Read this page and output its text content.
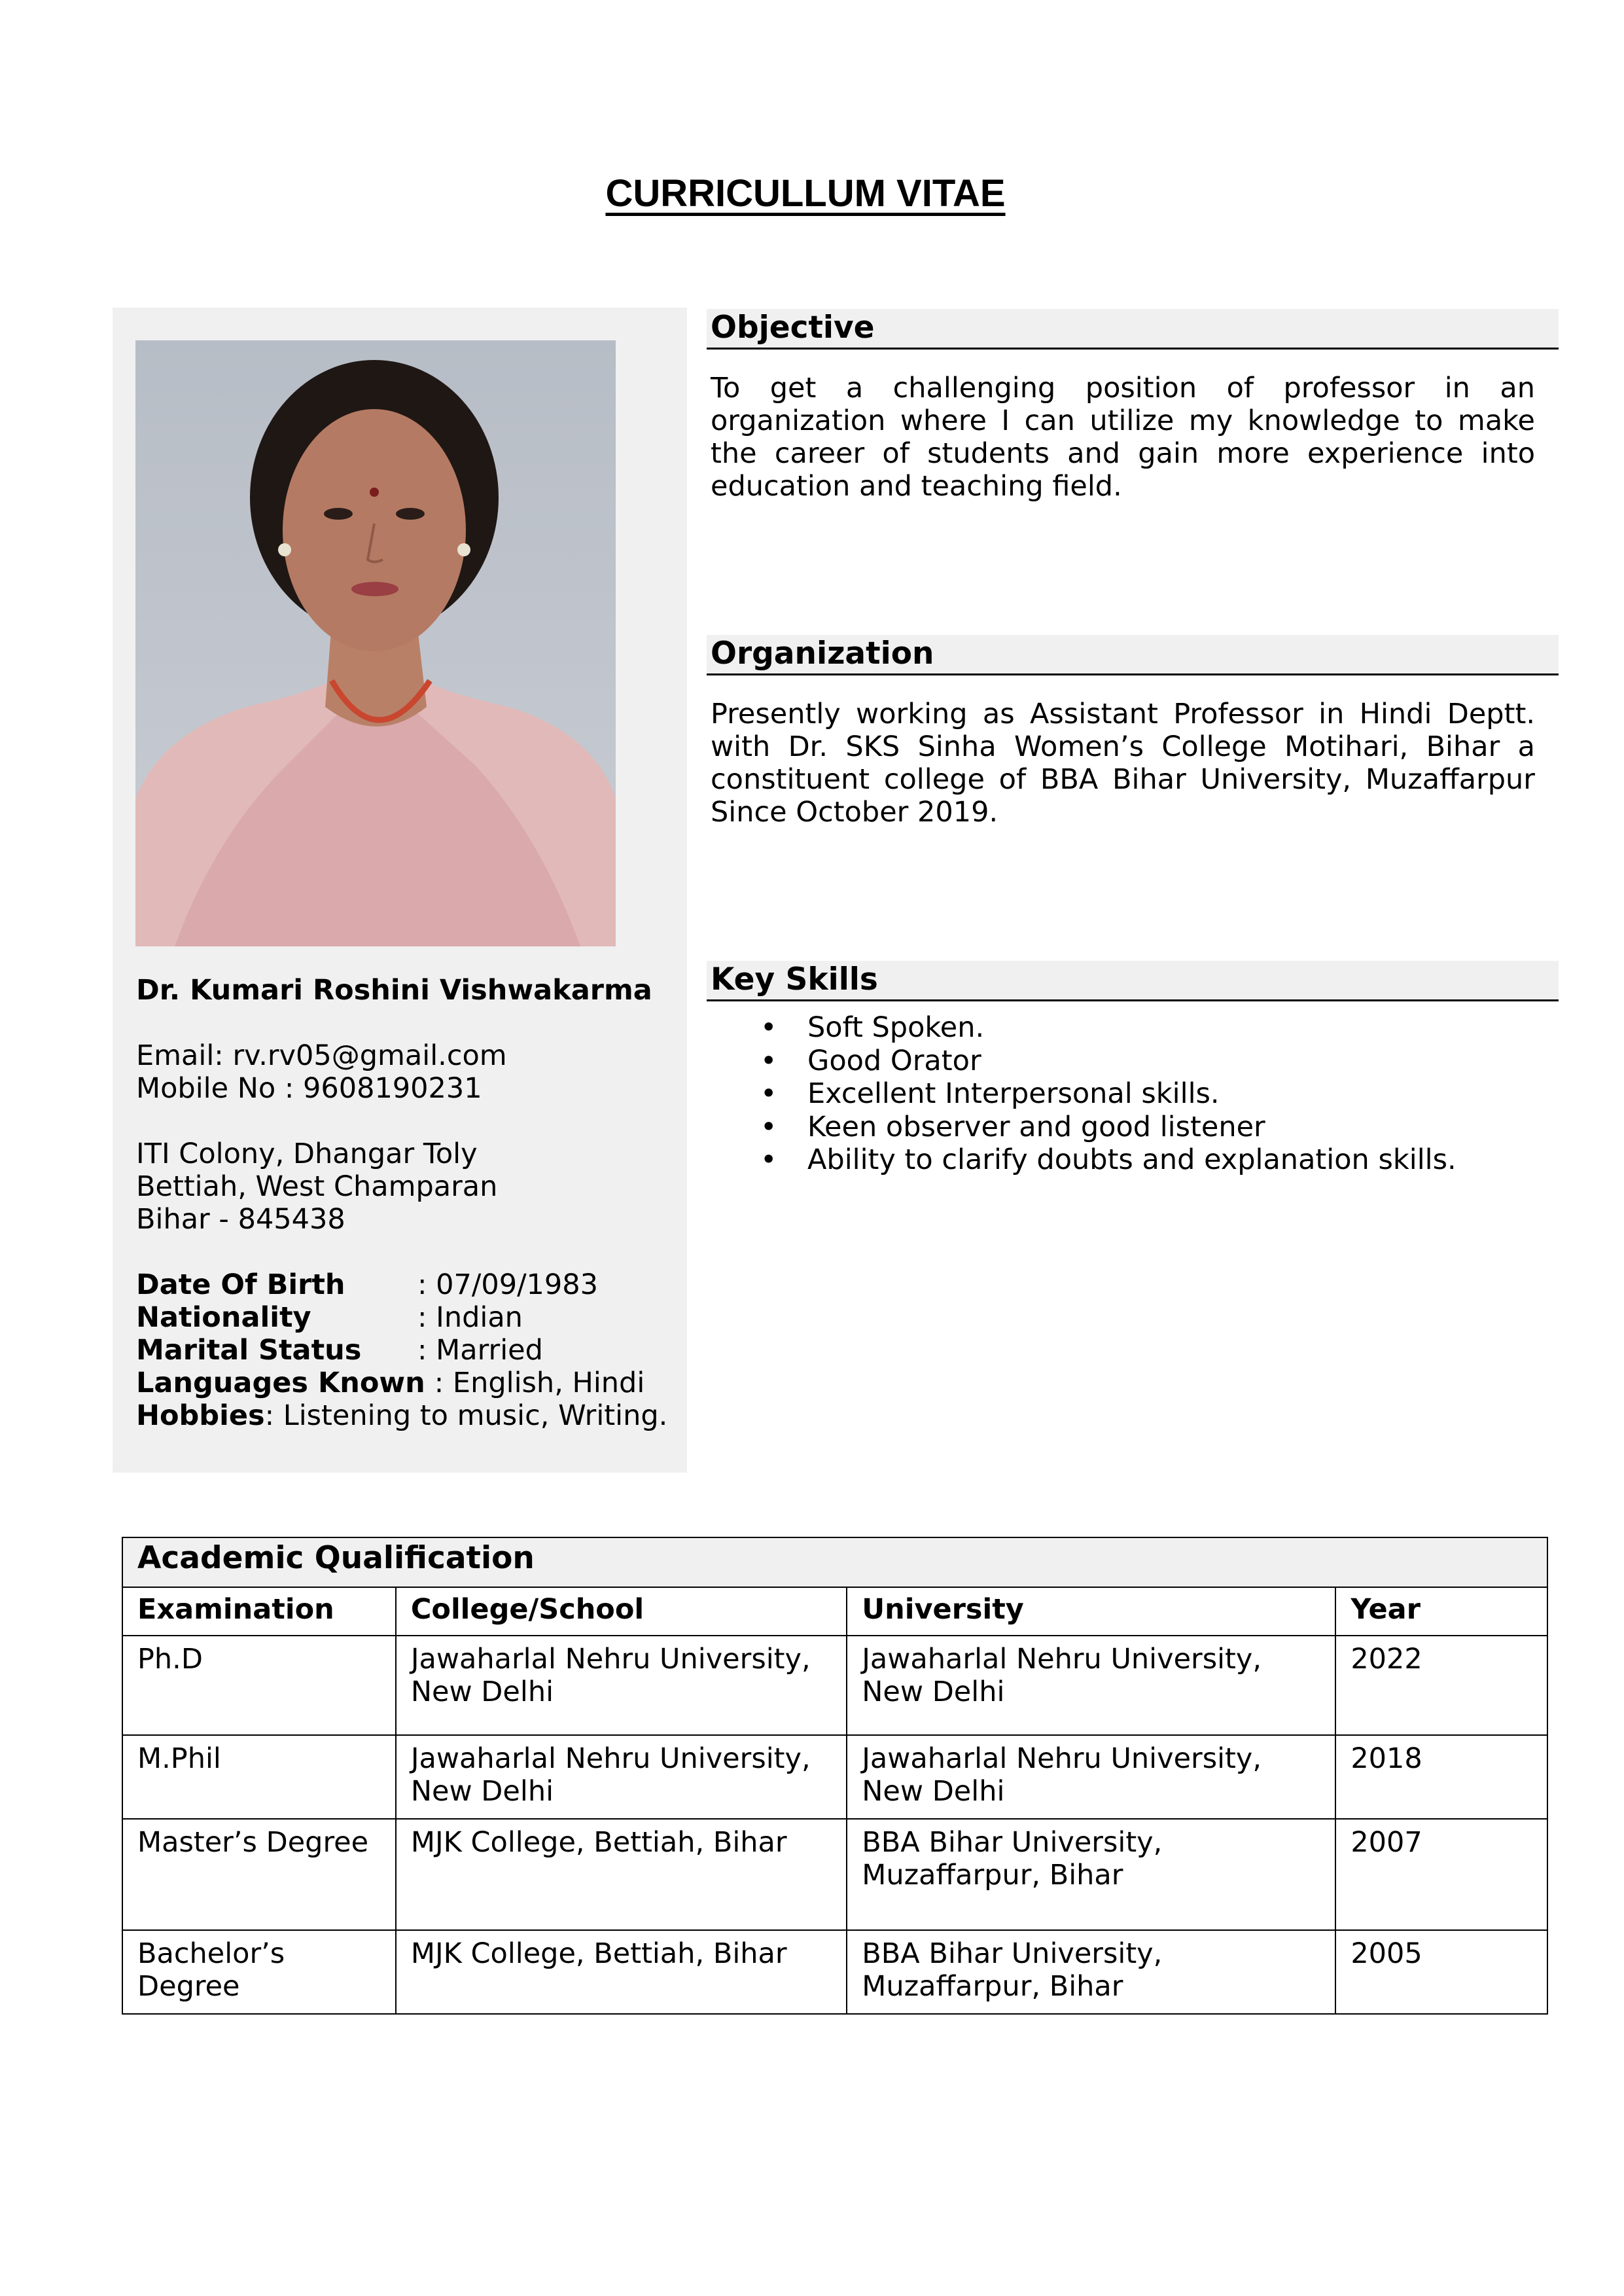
CURRICULLUM VITAE

Dr. Kumari Roshini Vishwakarma

Email: rv.rv05@gmail.com

Mobile No : 9608190231

ITI Colony, Dhangar Toly

Bettiah, West Champaran

Bihar - 845438

Date Of Birth	: 07/09/1983
Nationality	: Indian
Marital Status	: Married
Languages Known : English, Hindi

Hobbies: Listening to music, Writing.

Objective
To get a challenging position of professor in an organization where I can utilize my knowledge to make the career of students and gain more experience into education and teaching field.
Organization
Presently working as Assistant Professor in Hindi Deptt. with Dr. SKS Sinha Women’s College Motihari, Bihar a constituent college of BBA Bihar University, Muzaffarpur Since October 2019.
Key Skills
• Soft Spoken.
• Good Orator
• Excellent Interpersonal skills.
• Keen observer and good listener
• Ability to clarify doubts and explanation skills.
Academic Qualification			
Examination	College/School	University	Year
Ph.D	Jawaharlal Nehru University, New Delhi	Jawaharlal Nehru University, New Delhi	2022
M.Phil	Jawaharlal Nehru University, New Delhi	Jawaharlal Nehru University, New Delhi	2018
Master’s Degree	MJK College, Bettiah, Bihar	BBA Bihar University, Muzaffarpur, Bihar	2007
Bachelor’s Degree	MJK College, Bettiah, Bihar	BBA Bihar University, Muzaffarpur, Bihar	2005
